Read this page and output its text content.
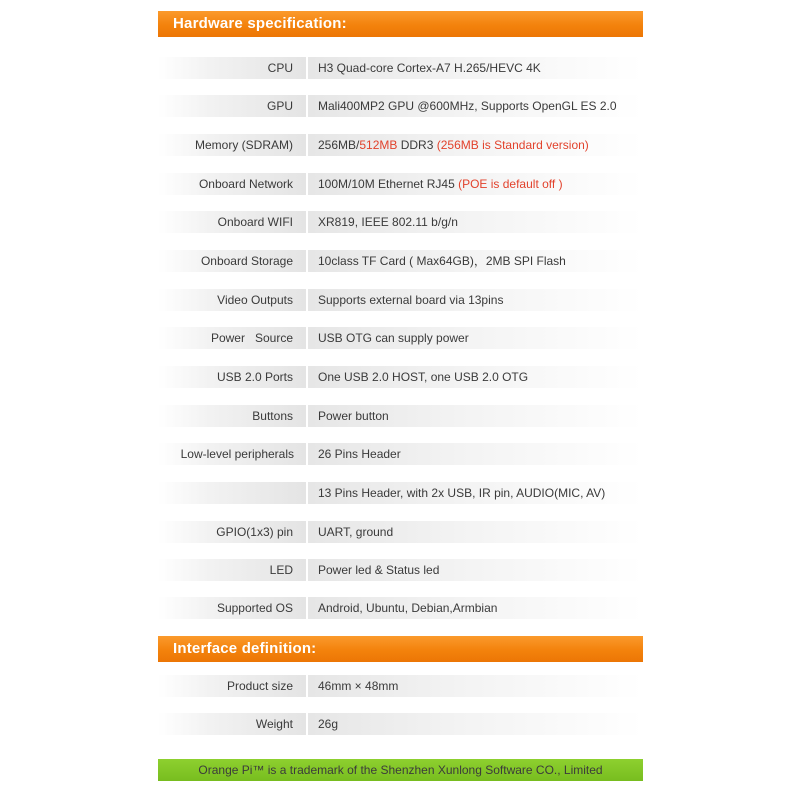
Hardware specification:
H3 Quad-core Cortex-A7 H.265/HEVC 4K
CPU
Mali400MP2 GPU @600MHz, Supports OpenGL ES 2.0
GPU
256MB/512MB DDR3 (256MB is Standard version)
Memory (SDRAM)
100M/10M Ethernet RJ45 (POE is default off )
Onboard Network
XR819, IEEE 802.11 b/g/n
Onboard WIFI
10class TF Card ( Max64GB)，2MB SPI Flash
Onboard Storage
Supports external board via 13pins
Video Outputs
USB OTG can supply power
Power   Source
One USB 2.0 HOST, one USB 2.0 OTG
USB 2.0 Ports
Power button
Buttons
26 Pins Header
Low-level peripherals
13 Pins Header, with 2x USB, IR pin, AUDIO(MIC, AV)
UART, ground
GPIO(1x3) pin
Power led & Status led
LED
Android, Ubuntu, Debian,Armbian
Supported OS
Interface definition:
46mm × 48mm
Product size
26g
Weight
Orange Pi™ is a trademark of the Shenzhen Xunlong Software CO., Limited
